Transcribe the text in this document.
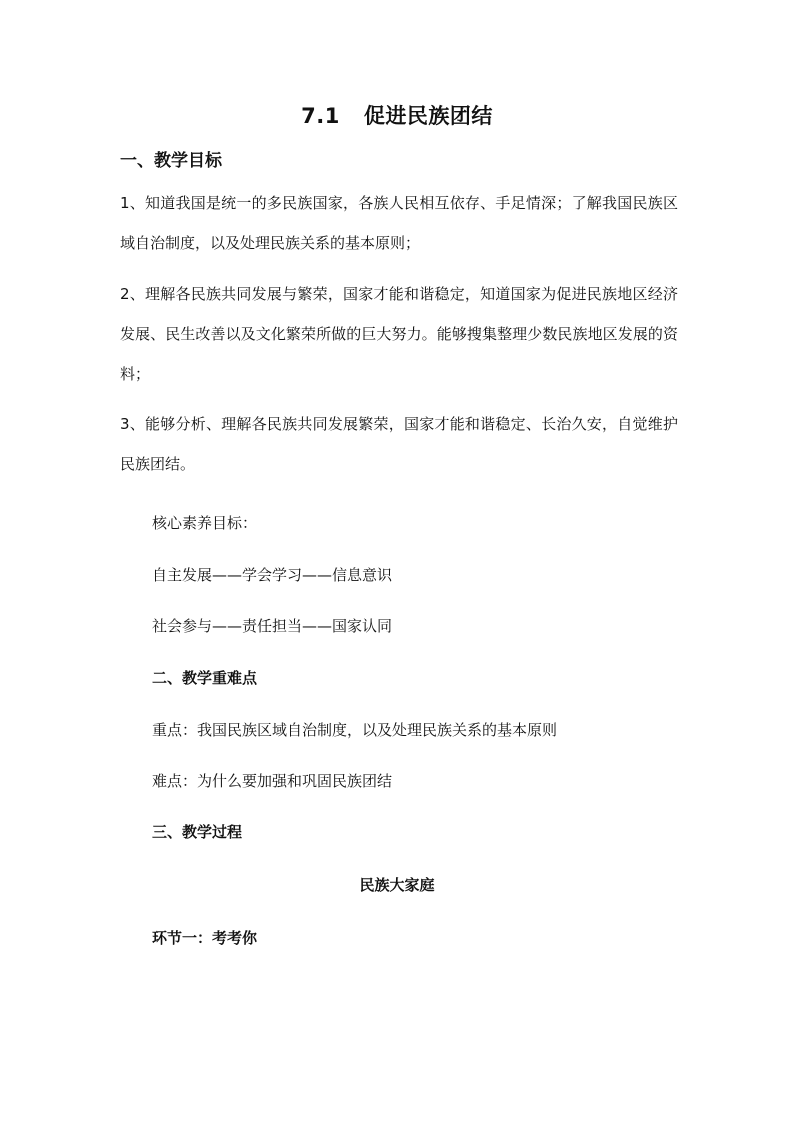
7.1 促进民族团结
一、教学目标
1、知道我国是统一的多民族国家，各族人民相互依存、手足情深；了解我国民族区域自治制度，以及处理民族关系的基本原则；
2、理解各民族共同发展与繁荣，国家才能和谐稳定，知道国家为促进民族地区经济发展、民生改善以及文化繁荣所做的巨大努力。能够搜集整理少数民族地区发展的资料；
3、能够分析、理解各民族共同发展繁荣，国家才能和谐稳定、长治久安，自觉维护民族团结。
核心素养目标：
自主发展——学会学习——信息意识
社会参与——责任担当——国家认同
二、教学重难点
重点：我国民族区域自治制度，以及处理民族关系的基本原则
难点：为什么要加强和巩固民族团结
三、教学过程
民族大家庭
环节一：考考你
